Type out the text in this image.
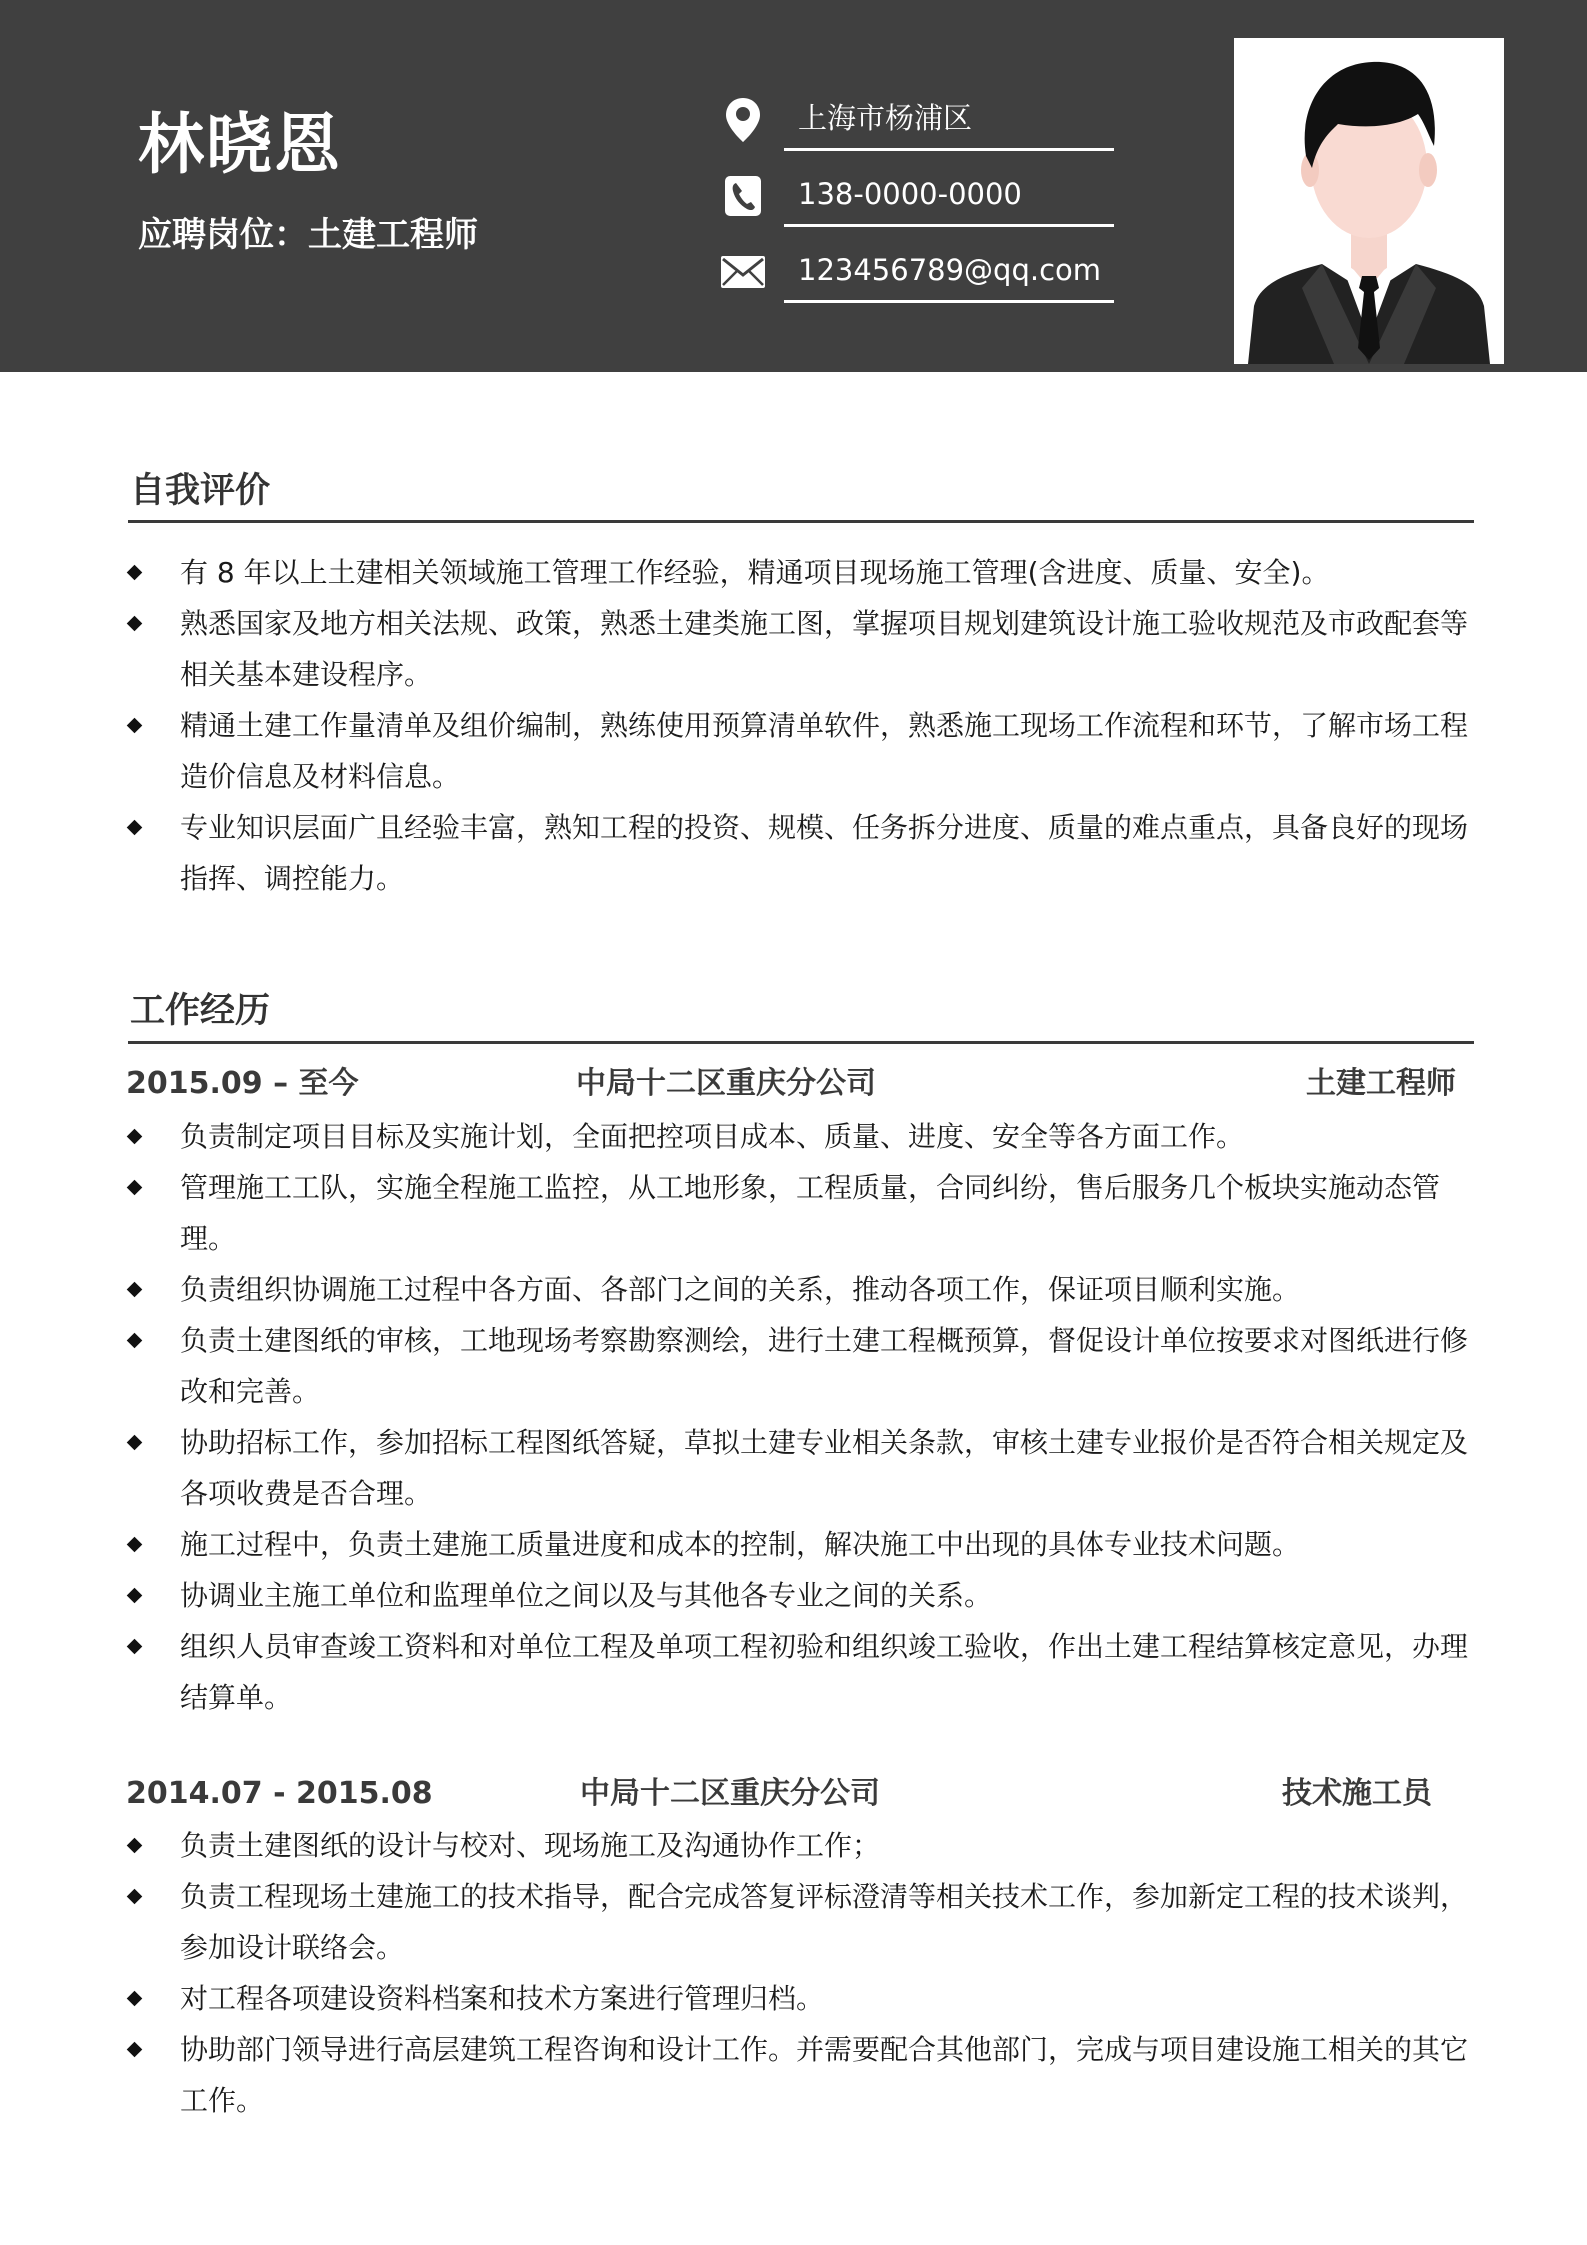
林晓恩
应聘岗位：土建工程师
上海市杨浦区
138-0000-0000
123456789@qq.com
自我评价
有 8 年以上土建相关领域施工管理工作经验，精通项目现场施工管理(含进度、质量、安全)。
熟悉国家及地方相关法规、政策，熟悉土建类施工图，掌握项目规划建筑设计施工验收规范及市政配套等相关基本建设程序。
精通土建工作量清单及组价编制，熟练使用预算清单软件，熟悉施工现场工作流程和环节，了解市场工程造价信息及材料信息。
专业知识层面广且经验丰富，熟知工程的投资、规模、任务拆分进度、质量的难点重点，具备良好的现场指挥、调控能力。
工作经历
2015.09 – 至今	中局十二区重庆分公司	土建工程师
负责制定项目目标及实施计划，全面把控项目成本、质量、进度、安全等各方面工作。
管理施工工队，实施全程施工监控，从工地形象，工程质量，合同纠纷，售后服务几个板块实施动态管理。
负责组织协调施工过程中各方面、各部门之间的关系，推动各项工作，保证项目顺利实施。
负责土建图纸的审核，工地现场考察勘察测绘，进行土建工程概预算，督促设计单位按要求对图纸进行修改和完善。
协助招标工作，参加招标工程图纸答疑，草拟土建专业相关条款，审核土建专业报价是否符合相关规定及各项收费是否合理。
施工过程中，负责土建施工质量进度和成本的控制，解决施工中出现的具体专业技术问题。
协调业主施工单位和监理单位之间以及与其他各专业之间的关系。
组织人员审查竣工资料和对单位工程及单项工程初验和组织竣工验收，作出土建工程结算核定意见，办理结算单。
2014.07 - 2015.08	中局十二区重庆分公司	技术施工员
负责土建图纸的设计与校对、现场施工及沟通协作工作；
负责工程现场土建施工的技术指导，配合完成答复评标澄清等相关技术工作，参加新定工程的技术谈判，参加设计联络会。
对工程各项建设资料档案和技术方案进行管理归档。
协助部门领导进行高层建筑工程咨询和设计工作。并需要配合其他部门，完成与项目建设施工相关的其它工作。
